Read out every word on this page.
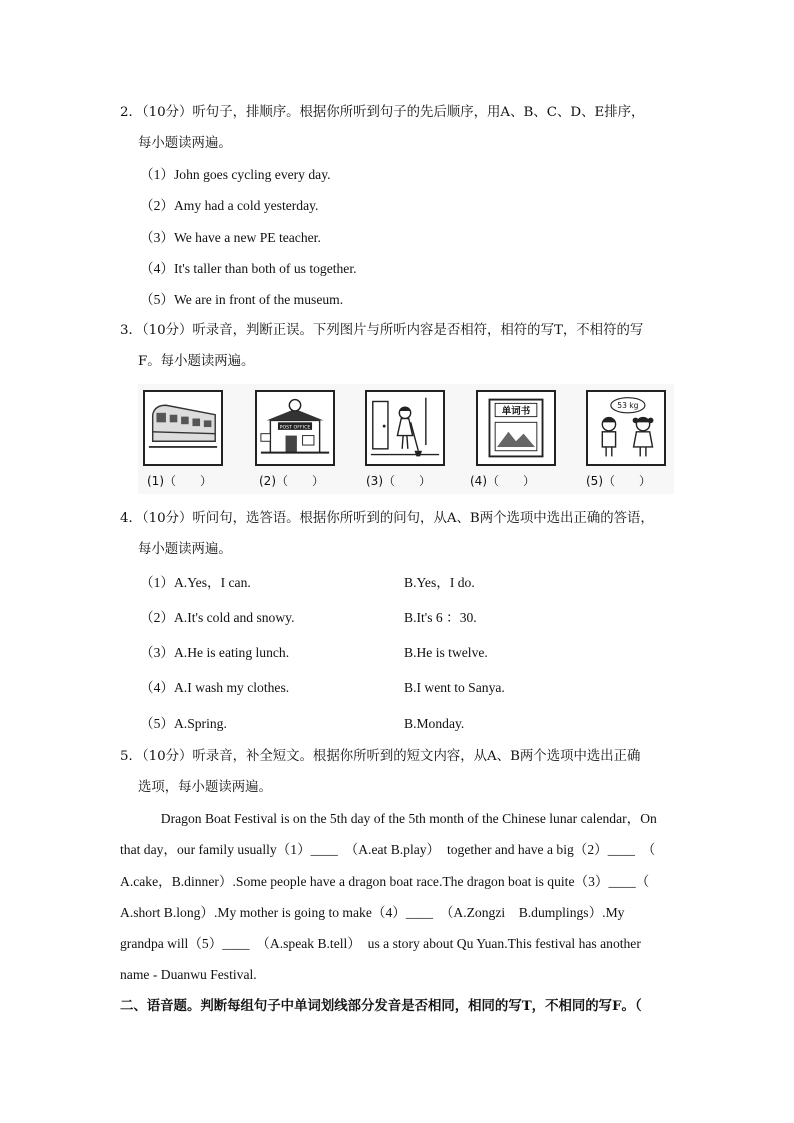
2．（10分）听句子，排顺序。根据你所听到句子的先后顺序，用A、B、C、D、E排序，
每小题读两遍。
（1）John goes cycling every day.
（2）Amy had a cold yesterday.
（3）We have a new PE teacher.
（4）It's taller than both of us together.
（5）We are in front of the museum.
3．（10分）听录音，判断正误。下列图片与所听内容是否相符，相符的写T，不相符的写
F。每小题读两遍。
(1)（　　）
POST OFFICE
(2)（　　）	(3)（　　）
单词书
(4)（　　）
53 kg
(5)（　　）
4．（10分）听问句，选答语。根据你所听到的问句，从A、B两个选项中选出正确的答语，
每小题读两遍。
（1）A.Yes，I can.	B.Yes，I do.
（2）A.It's cold and snowy.	B.It's 6 ：30.
（3）A.He is eating lunch.	B.He is twelve.
（4）A.I wash my clothes.	B.I went to Sanya.
（5）A.Spring.	B.Monday.
5．（10分）听录音，补全短文。根据你所听到的短文内容，从A、B两个选项中选出正确
选项，每小题读两遍。
　　　Dragon Boat Festival is on the 5th day of the 5th month of the Chinese lunar calendar，On
that day，our family usually（1）____　（A.eat B.play）　together and have a big（2）____　（
A.cake，B.dinner）.Some people have a dragon boat race.The dragon boat is quite（3）____（
A.short B.long）.My mother is going to make（4）____　（A.Zongzi　B.dumplings）.My
grandpa will（5）____　（A.speak B.tell）　us a story about Qu Yuan.This festival has another
name - Duanwu Festival.
二、语音题。判断每组句子中单词划线部分发音是否相同，相同的写T，不相同的写F。（
